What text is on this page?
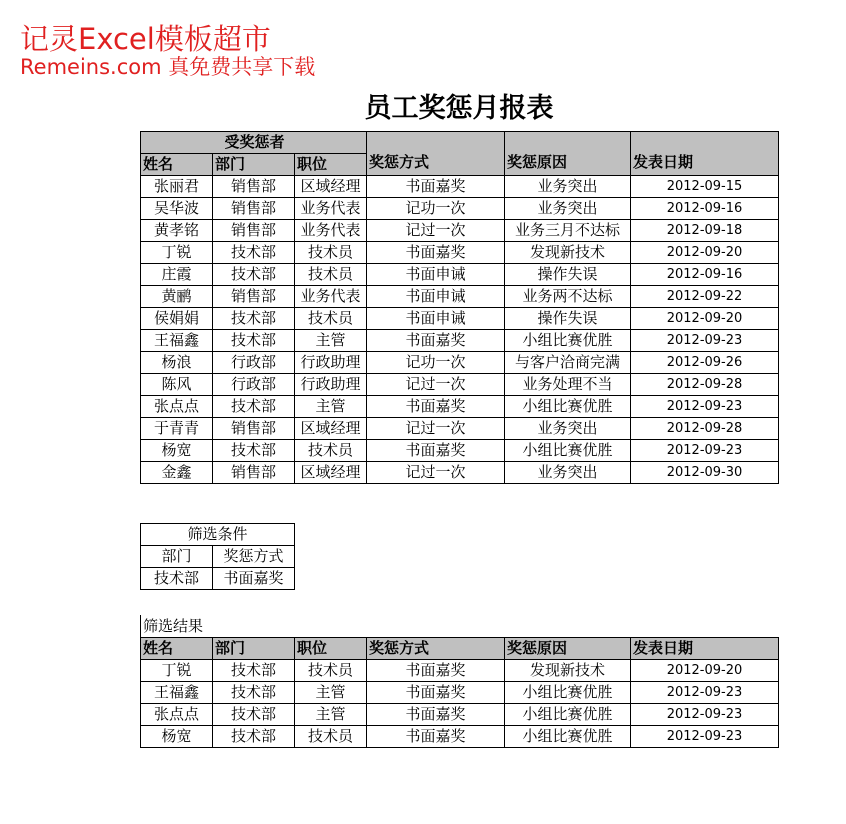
记灵Excel模板超市
Remeins.com 真免费共享下载
员工奖惩月报表
受奖惩者			奖惩方式	奖惩原因	发表日期
姓名	部门	职位			
张丽君	销售部	区域经理	书面嘉奖	业务突出	2012-09-15
吴华波	销售部	业务代表	记功一次	业务突出	2012-09-16
黄孝铭	销售部	业务代表	记过一次	业务三月不达标	2012-09-18
丁锐	技术部	技术员	书面嘉奖	发现新技术	2012-09-20
庄霞	技术部	技术员	书面申诫	操作失误	2012-09-16
黄鹂	销售部	业务代表	书面申诫	业务两不达标	2012-09-22
侯娟娟	技术部	技术员	书面申诫	操作失误	2012-09-20
王福鑫	技术部	主管	书面嘉奖	小组比赛优胜	2012-09-23
杨浪	行政部	行政助理	记功一次	与客户洽商完满	2012-09-26
陈风	行政部	行政助理	记过一次	业务处理不当	2012-09-28
张点点	技术部	主管	书面嘉奖	小组比赛优胜	2012-09-23
于青青	销售部	区域经理	记过一次	业务突出	2012-09-28
杨宽	技术部	技术员	书面嘉奖	小组比赛优胜	2012-09-23
金鑫	销售部	区域经理	记过一次	业务突出	2012-09-30
筛选条件	
部门	奖惩方式
技术部	书面嘉奖
筛选结果
姓名	部门	职位	奖惩方式	奖惩原因	发表日期
丁锐	技术部	技术员	书面嘉奖	发现新技术	2012-09-20
王福鑫	技术部	主管	书面嘉奖	小组比赛优胜	2012-09-23
张点点	技术部	主管	书面嘉奖	小组比赛优胜	2012-09-23
杨宽	技术部	技术员	书面嘉奖	小组比赛优胜	2012-09-23
